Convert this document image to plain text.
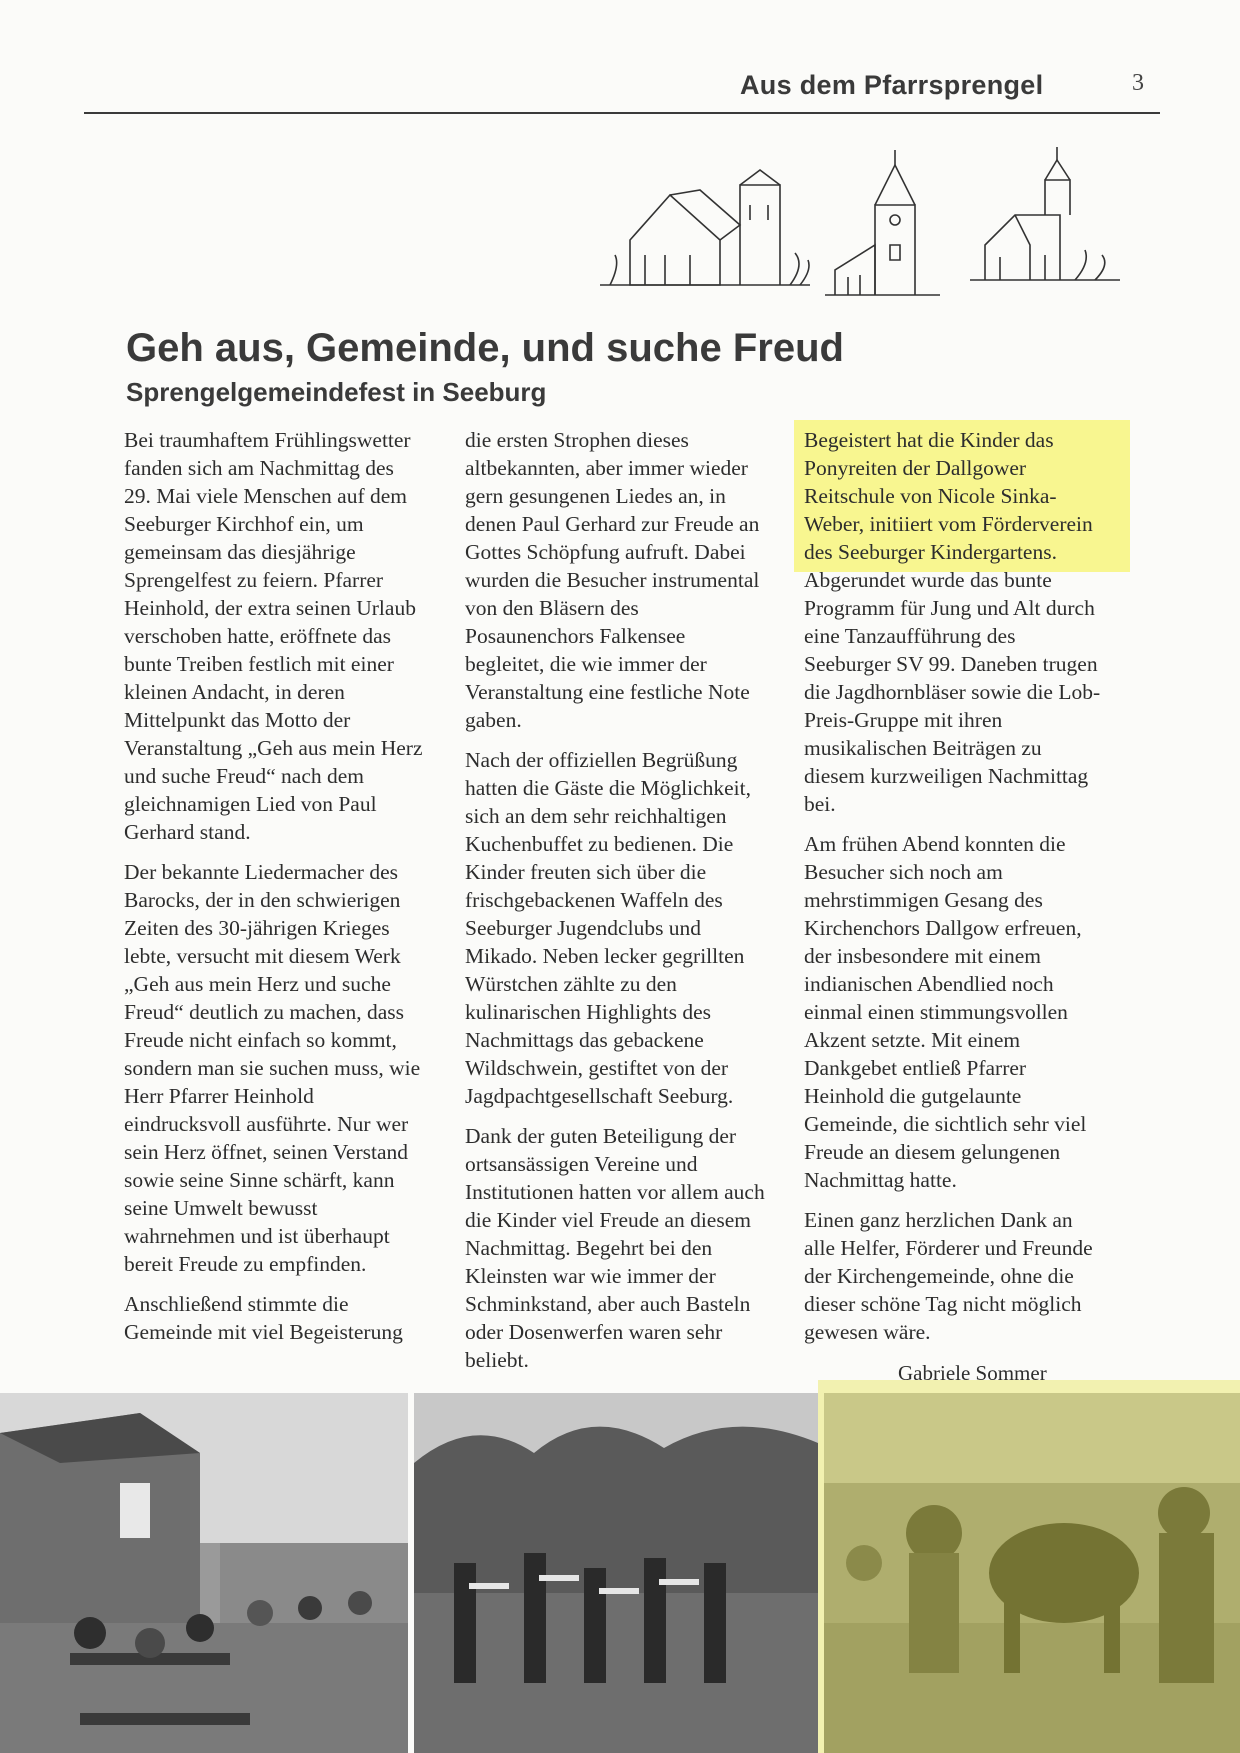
Aus dem Pfarrsprengel	3
Geh aus, Gemeinde, und suche Freud
Sprengelgemeindefest in Seeburg

Bei traumhaftem Frühlingswetter fanden sich am Nachmittag des 29. Mai viele Menschen auf dem Seeburger Kirchhof ein, um gemeinsam das diesjährige Sprengelfest zu feiern. Pfarrer Heinhold, der extra seinen Urlaub verschoben hatte, eröffnete das bunte Treiben festlich mit einer kleinen Andacht, in deren Mittelpunkt das Motto der Veranstaltung „Geh aus mein Herz und suche Freud“ nach dem gleichnamigen Lied von Paul Gerhard stand.

Der bekannte Liedermacher des Barocks, der in den schwierigen Zeiten des 30-jährigen Krieges lebte, versucht mit diesem Werk „Geh aus mein Herz und suche Freud“ deutlich zu machen, dass Freude nicht einfach so kommt, sondern man sie suchen muss, wie Herr Pfarrer Heinhold eindrucksvoll ausführte. Nur wer sein Herz öffnet, seinen Verstand sowie seine Sinne schärft, kann seine Umwelt bewusst wahrnehmen und ist überhaupt bereit Freude zu empfinden.

Anschließend stimmte die Gemeinde mit viel Begeisterung

die ersten Strophen dieses altbekannten, aber immer wieder gern gesungenen Liedes an, in denen Paul Gerhard zur Freude an Gottes Schöpfung aufruft. Dabei wurden die Besucher instrumental von den Bläsern des Posaunenchors Falkensee begleitet, die wie immer der Veranstaltung eine festliche Note gaben.

Nach der offiziellen Begrüßung hatten die Gäste die Möglichkeit, sich an dem sehr reichhaltigen Kuchenbuffet zu bedienen. Die Kinder freuten sich über die frischgebackenen Waffeln des Seeburger Jugendclubs und Mikado. Neben lecker gegrillten Würstchen zählte zu den kulinarischen Highlights des Nachmittags das gebackene Wildschwein, gestiftet von der Jagdpachtgesellschaft Seeburg.

Dank der guten Beteiligung der ortsansässigen Vereine und Institutionen hatten vor allem auch die Kinder viel Freude an diesem Nachmittag. Begehrt bei den Kleinsten war wie immer der Schminkstand, aber auch Basteln oder Dosenwerfen waren sehr beliebt.

Begeistert hat die Kinder das Ponyreiten der Dallgower Reitschule von Nicole Sinka-Weber, initiiert vom Förderverein des Seeburger Kindergartens. Abgerundet wurde das bunte Programm für Jung und Alt durch eine Tanzaufführung des Seeburger SV 99. Daneben trugen die Jagdhornbläser sowie die Lob-Preis-Gruppe mit ihren musikalischen Beiträgen zu diesem kurzweiligen Nachmittag bei.

Am frühen Abend konnten die Besucher sich noch am mehrstimmigen Gesang des Kirchenchors Dallgow erfreuen, der insbesondere mit einem indianischen Abendlied noch einmal einen stimmungsvollen Akzent setzte. Mit einem Dankgebet entließ Pfarrer Heinhold die gutgelaunte Gemeinde, die sichtlich sehr viel Freude an diesem gelungenen Nachmittag hatte.

Einen ganz herzlichen Dank an alle Helfer, Förderer und Freunde der Kirchengemeinde, ohne die dieser schöne Tag nicht möglich gewesen wäre.

Gabriele Sommer
